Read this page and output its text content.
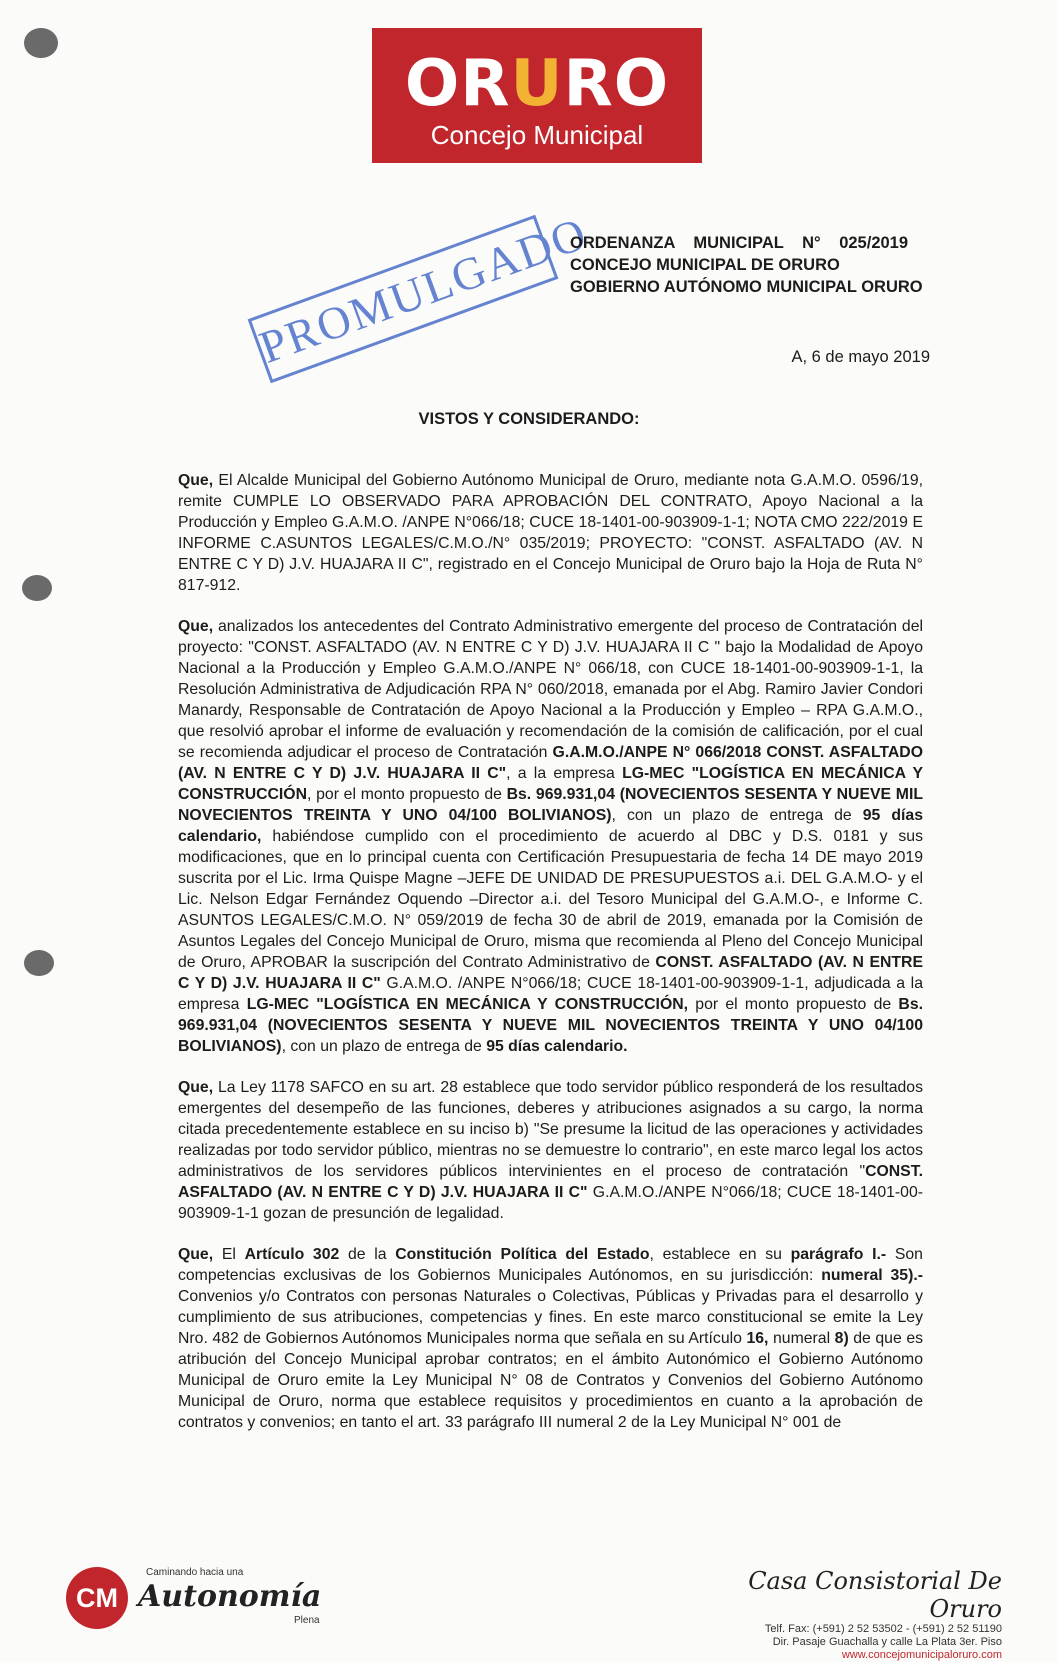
ORURO
Concejo Municipal
PROMULGADO
ORDENANZA MUNICIPAL N° 025/2019
CONCEJO MUNICIPAL DE ORURO
GOBIERNO AUTÓNOMO MUNICIPAL ORURO
A, 6 de mayo 2019
VISTOS Y CONSIDERANDO:

Que, El Alcalde Municipal del Gobierno Autónomo Municipal de Oruro, mediante nota G.A.M.O. 0596/19, remite CUMPLE LO OBSERVADO PARA APROBACIÓN DEL CONTRATO, Apoyo Nacional a la Producción y Empleo G.A.M.O. /ANPE N°066/18; CUCE 18-1401-00-903909-1-1; NOTA CMO 222/2019 E INFORME C.ASUNTOS LEGALES/C.M.O./N° 035/2019; PROYECTO: "CONST. ASFALTADO (AV. N ENTRE C Y D) J.V. HUAJARA II C", registrado en el Concejo Municipal de Oruro bajo la Hoja de Ruta N° 817-912.

Que, analizados los antecedentes del Contrato Administrativo emergente del proceso de Contratación del proyecto: "CONST. ASFALTADO (AV. N ENTRE C Y D) J.V. HUAJARA II C " bajo la Modalidad de Apoyo Nacional a la Producción y Empleo G.A.M.O./ANPE N° 066/18, con CUCE 18-1401-00-903909-1-1, la Resolución Administrativa de Adjudicación RPA N° 060/2018, emanada por el Abg. Ramiro Javier Condori Manardy, Responsable de Contratación de Apoyo Nacional a la Producción y Empleo – RPA G.A.M.O., que resolvió aprobar el informe de evaluación y recomendación de la comisión de calificación, por el cual se recomienda adjudicar el proceso de Contratación G.A.M.O./ANPE N° 066/2018 CONST. ASFALTADO (AV. N ENTRE C Y D) J.V. HUAJARA II C", a la empresa LG-MEC "LOGÍSTICA EN MECÁNICA Y CONSTRUCCIÓN, por el monto propuesto de Bs. 969.931,04 (NOVECIENTOS SESENTA Y NUEVE MIL NOVECIENTOS TREINTA Y UNO 04/100 BOLIVIANOS), con un plazo de entrega de 95 días calendario, habiéndose cumplido con el procedimiento de acuerdo al DBC y D.S. 0181 y sus modificaciones, que en lo principal cuenta con Certificación Presupuestaria de fecha 14 DE mayo 2019 suscrita por el Lic. Irma Quispe Magne –JEFE DE UNIDAD DE PRESUPUESTOS a.i. DEL G.A.M.O- y el Lic. Nelson Edgar Fernández Oquendo –Director a.i. del Tesoro Municipal del G.A.M.O-, e Informe C. ASUNTOS LEGALES/C.M.O. N° 059/2019 de fecha 30 de abril de 2019, emanada por la Comisión de Asuntos Legales del Concejo Municipal de Oruro, misma que recomienda al Pleno del Concejo Municipal de Oruro, APROBAR la suscripción del Contrato Administrativo de CONST. ASFALTADO (AV. N ENTRE C Y D) J.V. HUAJARA II C" G.A.M.O. /ANPE N°066/18; CUCE 18-1401-00-903909-1-1, adjudicada a la empresa LG-MEC "LOGÍSTICA EN MECÁNICA Y CONSTRUCCIÓN, por el monto propuesto de Bs. 969.931,04 (NOVECIENTOS SESENTA Y NUEVE MIL NOVECIENTOS TREINTA Y UNO 04/100 BOLIVIANOS), con un plazo de entrega de 95 días calendario.

Que, La Ley 1178 SAFCO en su art. 28 establece que todo servidor público responderá de los resultados emergentes del desempeño de las funciones, deberes y atribuciones asignados a su cargo, la norma citada precedentemente establece en su inciso b) "Se presume la licitud de las operaciones y actividades realizadas por todo servidor público, mientras no se demuestre lo contrario", en este marco legal los actos administrativos de los servidores públicos intervinientes en el proceso de contratación "CONST. ASFALTADO (AV. N ENTRE C Y D) J.V. HUAJARA II C" G.A.M.O./ANPE N°066/18; CUCE 18-1401-00-903909-1-1 gozan de presunción de legalidad.

Que, El Artículo 302 de la Constitución Política del Estado, establece en su parágrafo I.- Son competencias exclusivas de los Gobiernos Municipales Autónomos, en su jurisdicción: numeral 35).- Convenios y/o Contratos con personas Naturales o Colectivas, Públicas y Privadas para el desarrollo y cumplimiento de sus atribuciones, competencias y fines. En este marco constitucional se emite la Ley Nro. 482 de Gobiernos Autónomos Municipales norma que señala en su Artículo 16, numeral 8) de que es atribución del Concejo Municipal aprobar contratos; en el ámbito Autonómico el Gobierno Autónomo Municipal de Oruro emite la Ley Municipal N° 08 de Contratos y Convenios del Gobierno Autónomo Municipal de Oruro, norma que establece requisitos y procedimientos en cuanto a la aprobación de contratos y convenios; en tanto el art. 33 parágrafo III numeral 2 de la Ley Municipal N° 001 de

CM
Caminando hacia una
Autonomía
Plena
Casa Consistorial De Oruro
Telf. Fax: (+591) 2 52 53502 - (+591) 2 52 51190
Dir. Pasaje Guachalla y calle La Plata 3er. Piso
www.concejomunicipaloruro.com
